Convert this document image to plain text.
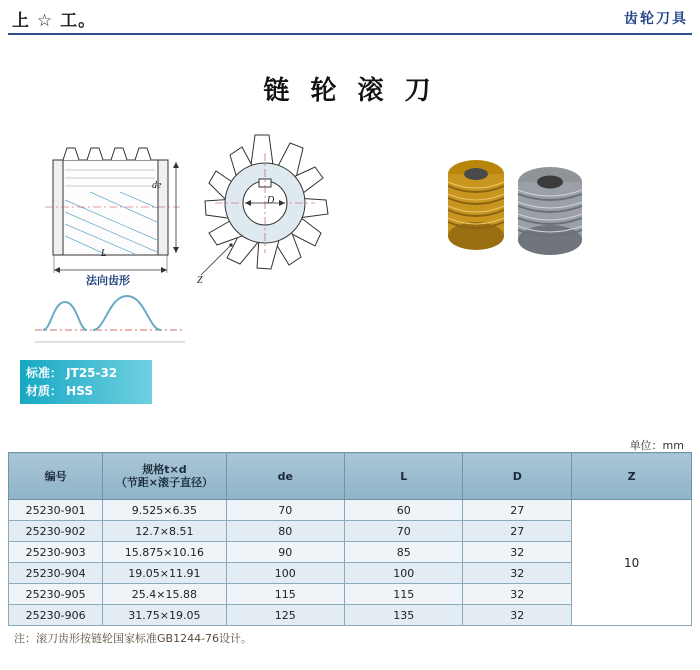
上 ☆ 工。	齿轮刀具
链 轮 滚 刀
de
L
D
Z
法向齿形
标准： JT25-32
材质： HSS
单位：mm
编号	规格t×d
（节距×滚子直径）	de	L	D	Z
25230-901	9.525×6.35	70	60	27	10
25230-902	12.7×8.51	80	70	27	
25230-903	15.875×10.16	90	85	32	
25230-904	19.05×11.91	100	100	32	
25230-905	25.4×15.88	115	115	32	
25230-906	31.75×19.05	125	135	32	
注：滚刀齿形按链轮国家标准GB1244-76设计。
